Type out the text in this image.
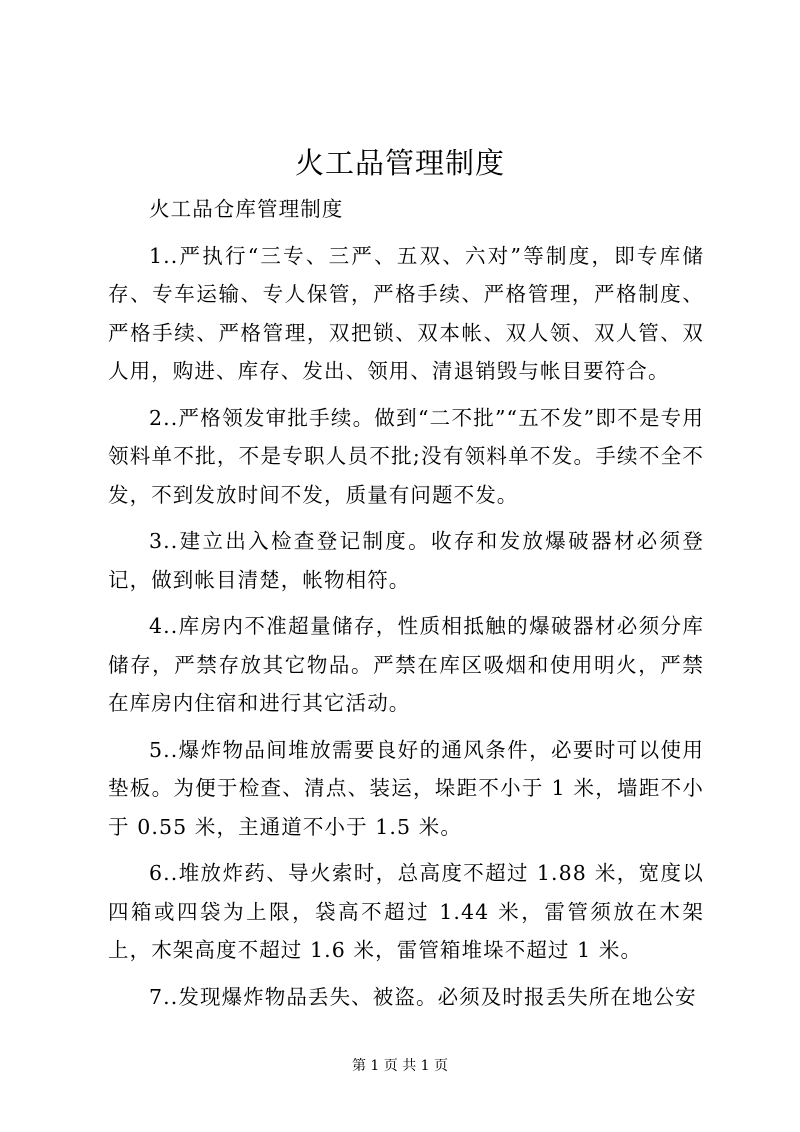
火工品管理制度

火工品仓库管理制度

1..严执行“三专、三严、五双、六对”等制度，即专库储存、专车运输、专人保管，严格手续、严格管理，严格制度、严格手续、严格管理，双把锁、双本帐、双人领、双人管、双人用，购进、库存、发出、领用、清退销毁与帐目要符合。

2..严格领发审批手续。做到“二不批”“五不发”即不是专用领料单不批，不是专职人员不批;没有领料单不发。手续不全不发，不到发放时间不发，质量有问题不发。

3..建立出入检查登记制度。收存和发放爆破器材必须登记，做到帐目清楚，帐物相符。

4..库房内不准超量储存，性质相抵触的爆破器材必须分库储存，严禁存放其它物品。严禁在库区吸烟和使用明火，严禁在库房内住宿和进行其它活动。

5..爆炸物品间堆放需要良好的通风条件，必要时可以使用垫板。为便于检查、清点、装运，垛距不小于 1 米，墙距不小于 0.55 米，主通道不小于 1.5 米。

6..堆放炸药、导火索时，总高度不超过 1.88 米，宽度以四箱或四袋为上限，袋高不超过 1.44 米，雷管须放在木架上，木架高度不超过 1.6 米，雷管箱堆垛不超过 1 米。

7..发现爆炸物品丢失、被盗。必须及时报丢失所在地公安

第 1 页 共 1 页
